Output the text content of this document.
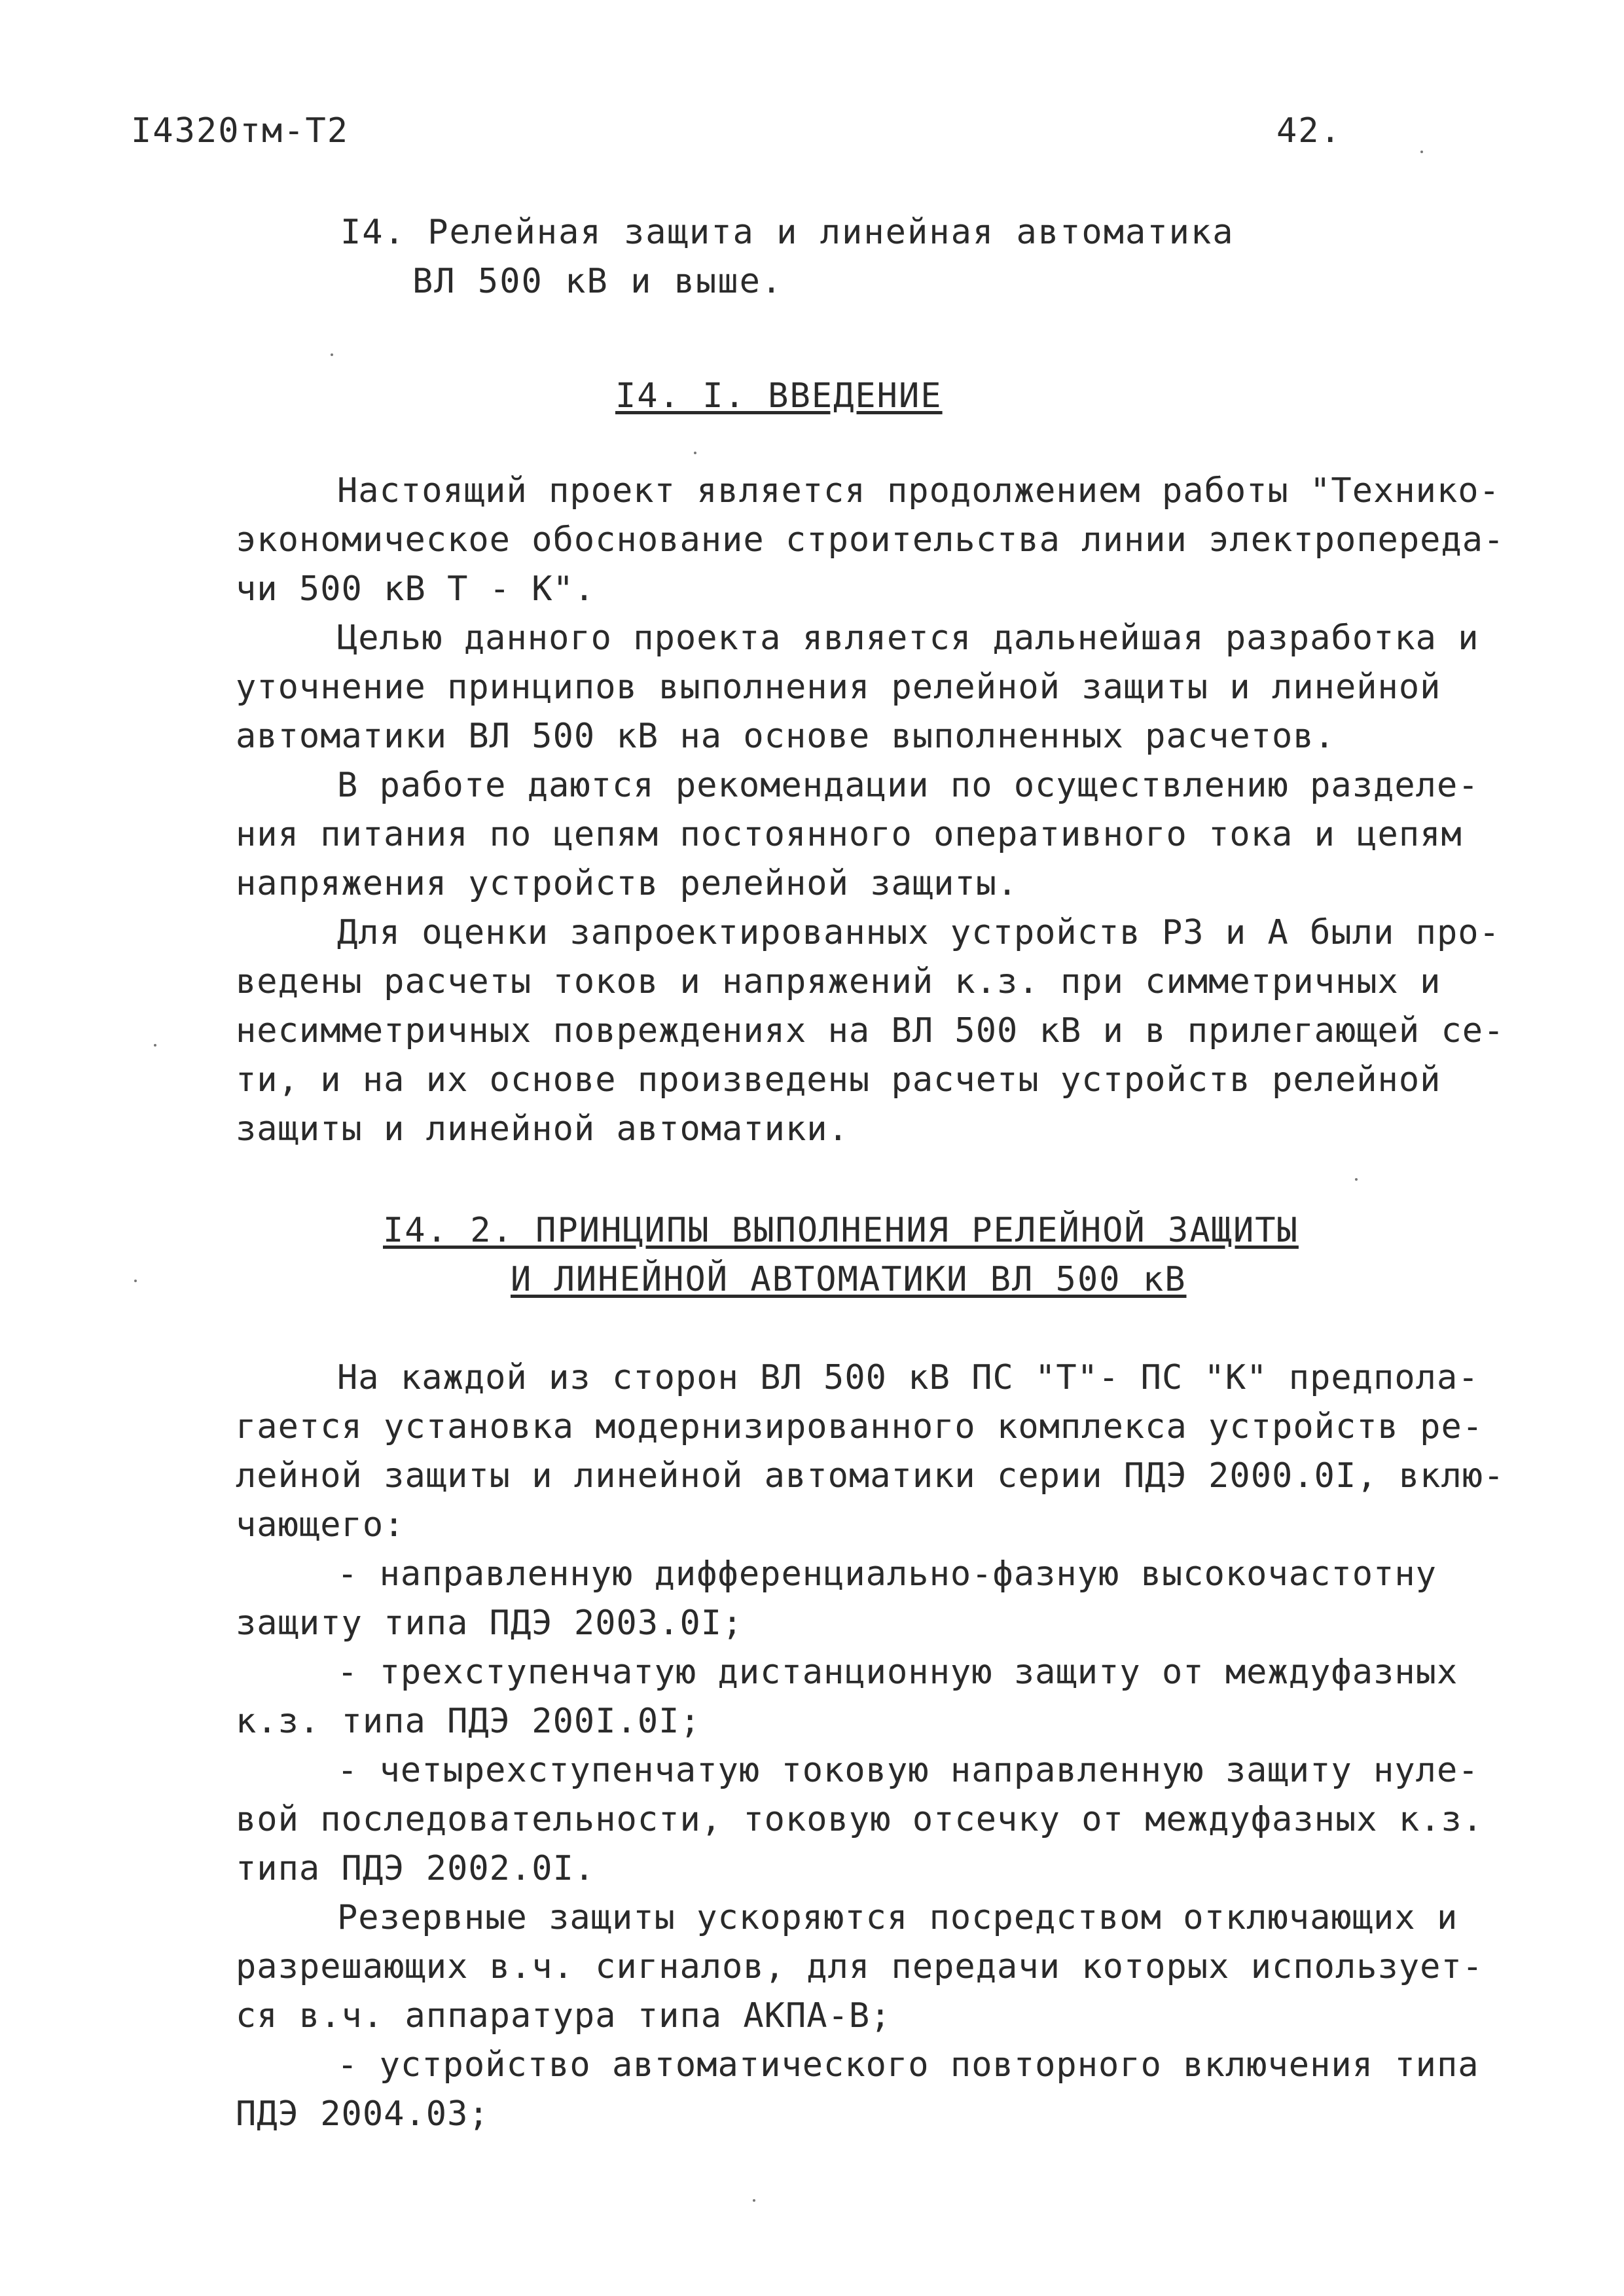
I4320тм-Т2	42.
I4. Релейная защита и линейная автоматика
ВЛ 500 кВ и выше.
I4. I. ВВЕДЕНИЕ
Настоящий проект является продолжением работы "Технико-
экономическое обоснование строительства линии электропереда-
чи 500 кВ Т - К".
Целью данного проекта является дальнейшая разработка и
уточнение принципов выполнения релейной защиты и линейной
автоматики ВЛ 500 кВ на основе выполненных расчетов.
В работе даются рекомендации по осуществлению разделе-
ния питания по цепям постоянного оперативного тока и цепям
напряжения устройств релейной защиты.
Для оценки запроектированных устройств РЗ и А были про-
ведены расчеты токов и напряжений к.з. при симметричных и
несимметричных повреждениях на ВЛ 500 кВ и в прилегающей се-
ти, и на их основе произведены расчеты устройств релейной
защиты и линейной автоматики.
I4. 2. ПРИНЦИПЫ ВЫПОЛНЕНИЯ РЕЛЕЙНОЙ ЗАЩИТЫ
И ЛИНЕЙНОЙ АВТОМАТИКИ ВЛ 500 кВ
На каждой из сторон ВЛ 500 кВ ПС "Т"- ПС "К" предпола-
гается установка модернизированного комплекса устройств ре-
лейной защиты и линейной автоматики серии ПДЭ 2000.0I, вклю-
чающего:
- направленную дифференциально-фазную высокочастотну
защиту типа ПДЭ 2003.0I;
- трехступенчатую дистанционную защиту от междуфазных
к.з. типа ПДЭ 200I.0I;
- четырехступенчатую токовую направленную защиту нуле-
вой последовательности, токовую отсечку от междуфазных к.з.
типа ПДЭ 2002.0I.
Резервные защиты ускоряются посредством отключающих и
разрешающих в.ч. сигналов, для передачи которых использует-
ся в.ч. аппаратура типа АКПА-В;
- устройство автоматического повторного включения типа
ПДЭ 2004.03;
